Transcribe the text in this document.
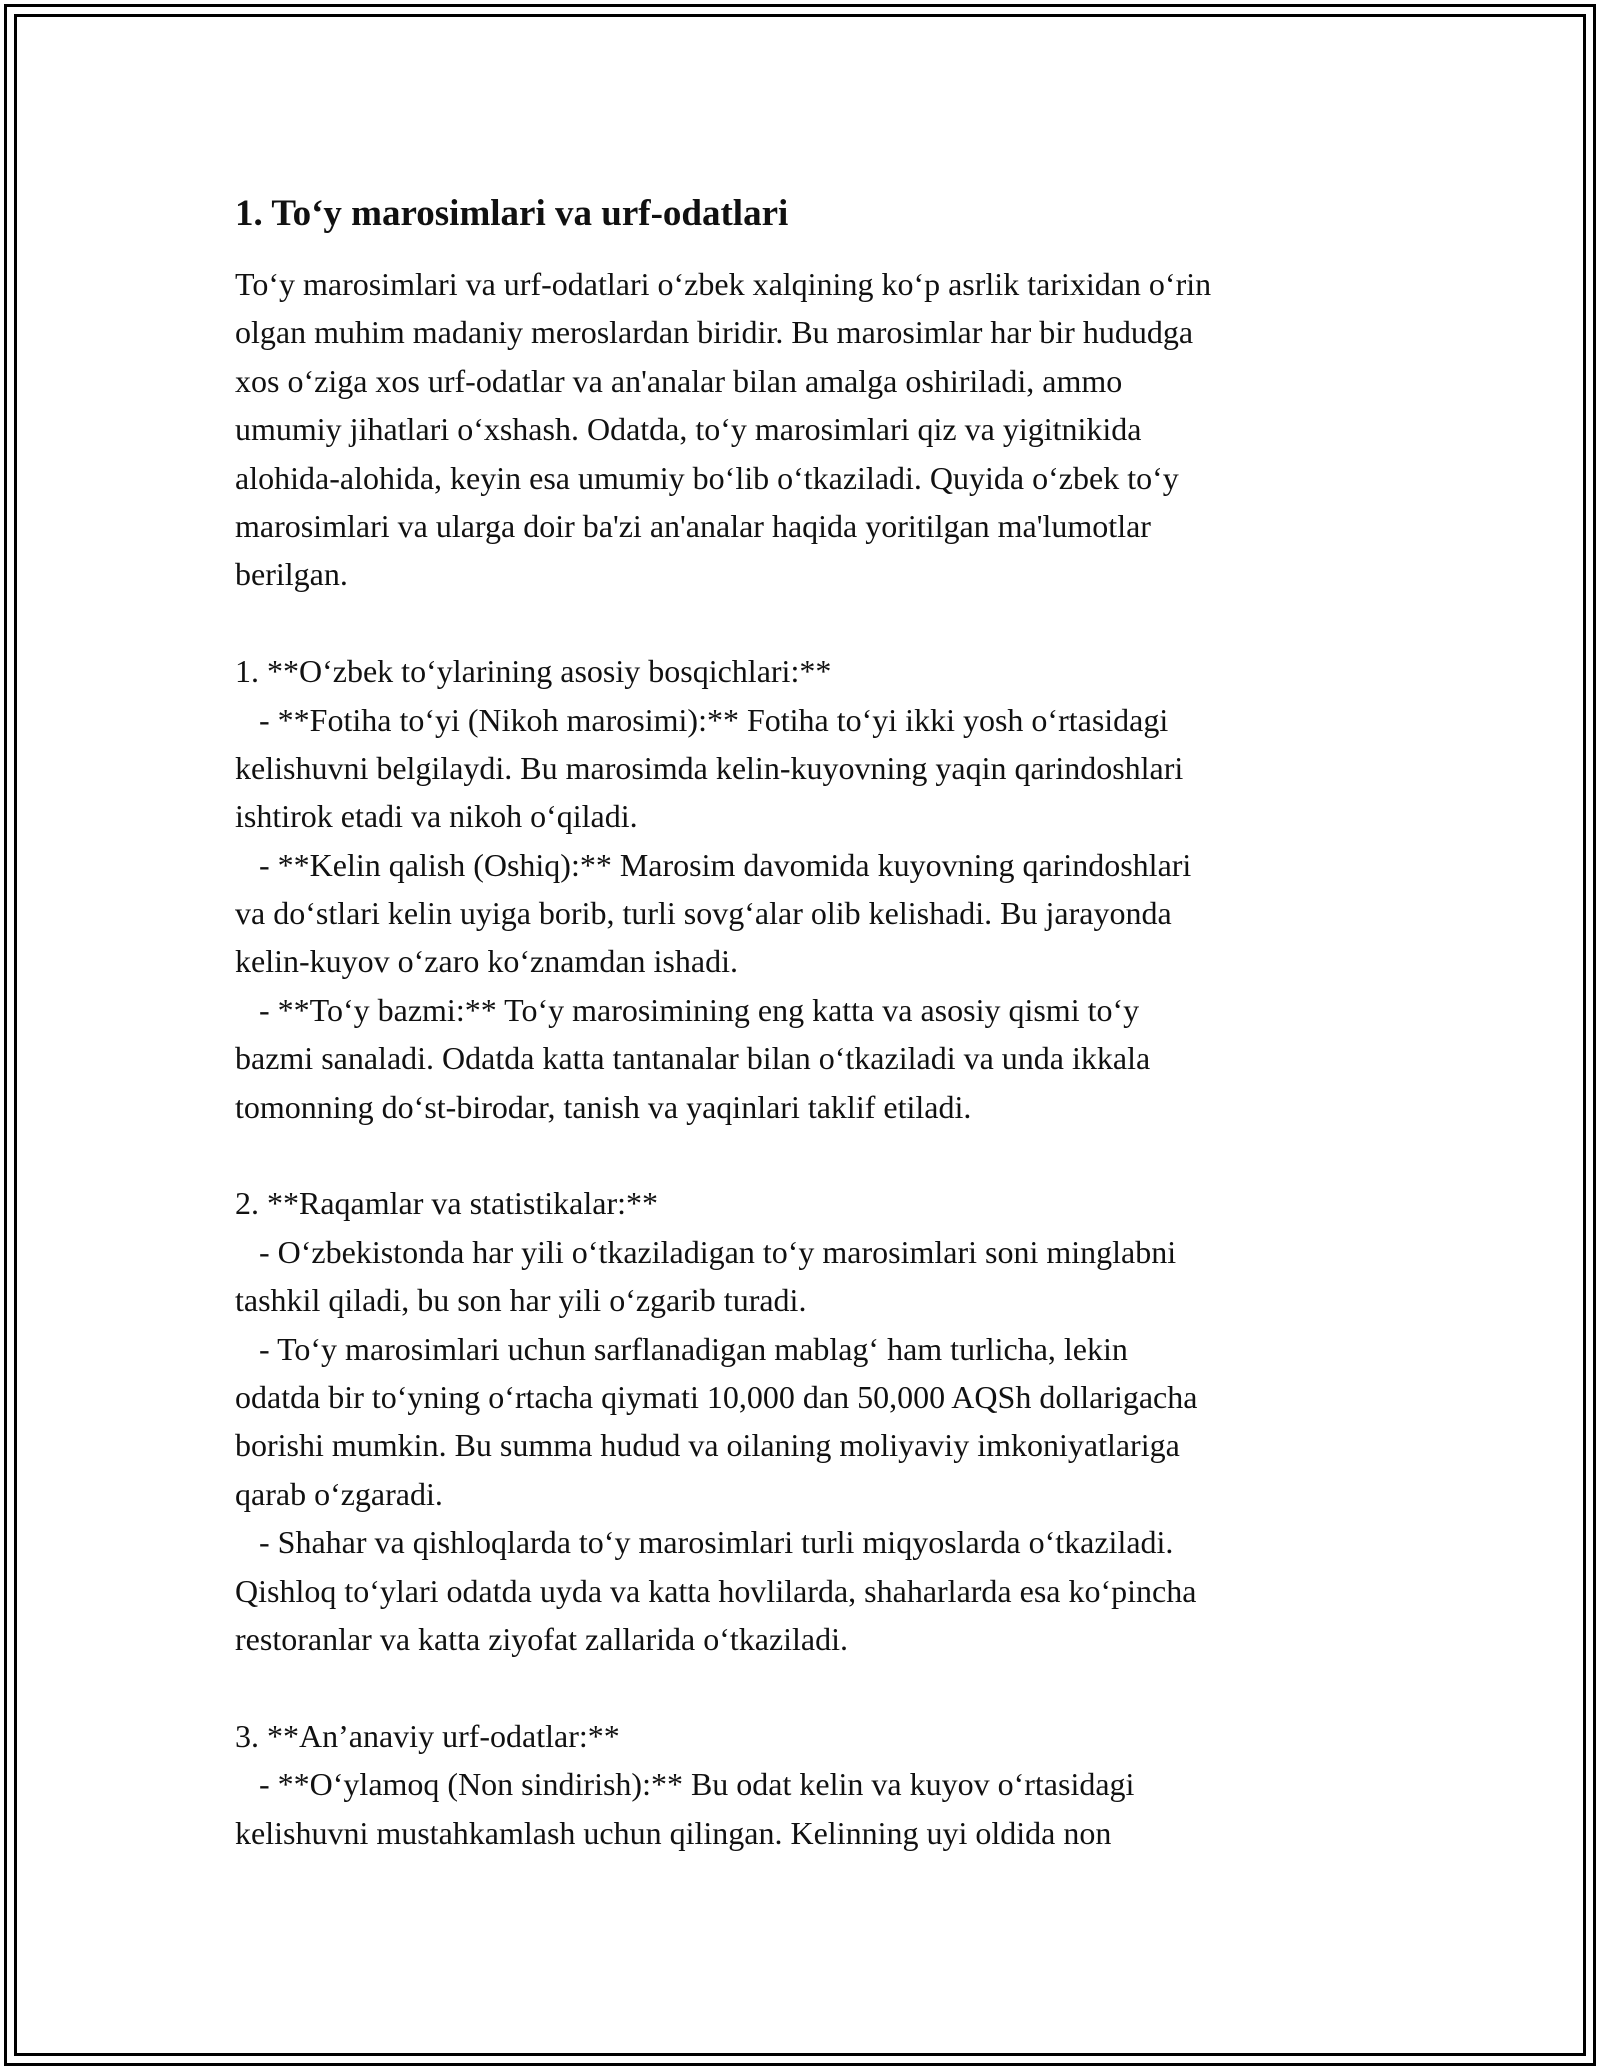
1. To‘y marosimlari va urf-odatlari
To‘y marosimlari va urf-odatlari o‘zbek xalqining ko‘p asrlik tarixidan o‘rin
olgan muhim madaniy meroslardan biridir. Bu marosimlar har bir hududga
xos o‘ziga xos urf-odatlar va an'analar bilan amalga oshiriladi, ammo
umumiy jihatlari o‘xshash. Odatda, to‘y marosimlari qiz va yigitnikida
alohida-alohida, keyin esa umumiy bo‘lib o‘tkaziladi. Quyida o‘zbek to‘y
marosimlari va ularga doir ba'zi an'analar haqida yoritilgan ma'lumotlar
berilgan.
1. **O‘zbek to‘ylarining asosiy bosqichlari:**
- **Fotiha to‘yi (Nikoh marosimi):** Fotiha to‘yi ikki yosh o‘rtasidagi
kelishuvni belgilaydi. Bu marosimda kelin-kuyovning yaqin qarindoshlari
ishtirok etadi va nikoh o‘qiladi.
- **Kelin qalish (Oshiq):** Marosim davomida kuyovning qarindoshlari
va do‘stlari kelin uyiga borib, turli sovg‘alar olib kelishadi. Bu jarayonda
kelin-kuyov o‘zaro ko‘znamdan ishadi.
- **To‘y bazmi:** To‘y marosimining eng katta va asosiy qismi to‘y
bazmi sanaladi. Odatda katta tantanalar bilan o‘tkaziladi va unda ikkala
tomonning do‘st-birodar, tanish va yaqinlari taklif etiladi.
2. **Raqamlar va statistikalar:**
- O‘zbekistonda har yili o‘tkaziladigan to‘y marosimlari soni minglabni
tashkil qiladi, bu son har yili o‘zgarib turadi.
- To‘y marosimlari uchun sarflanadigan mablag‘ ham turlicha, lekin
odatda bir to‘yning o‘rtacha qiymati 10,000 dan 50,000 AQSh dollarigacha
borishi mumkin. Bu summa hudud va oilaning moliyaviy imkoniyatlariga
qarab o‘zgaradi.
- Shahar va qishloqlarda to‘y marosimlari turli miqyoslarda o‘tkaziladi.
Qishloq to‘ylari odatda uyda va katta hovlilarda, shaharlarda esa ko‘pincha
restoranlar va katta ziyofat zallarida o‘tkaziladi.
3. **An’anaviy urf-odatlar:**
- **O‘ylamoq (Non sindirish):** Bu odat kelin va kuyov o‘rtasidagi
kelishuvni mustahkamlash uchun qilingan. Kelinning uyi oldida non
